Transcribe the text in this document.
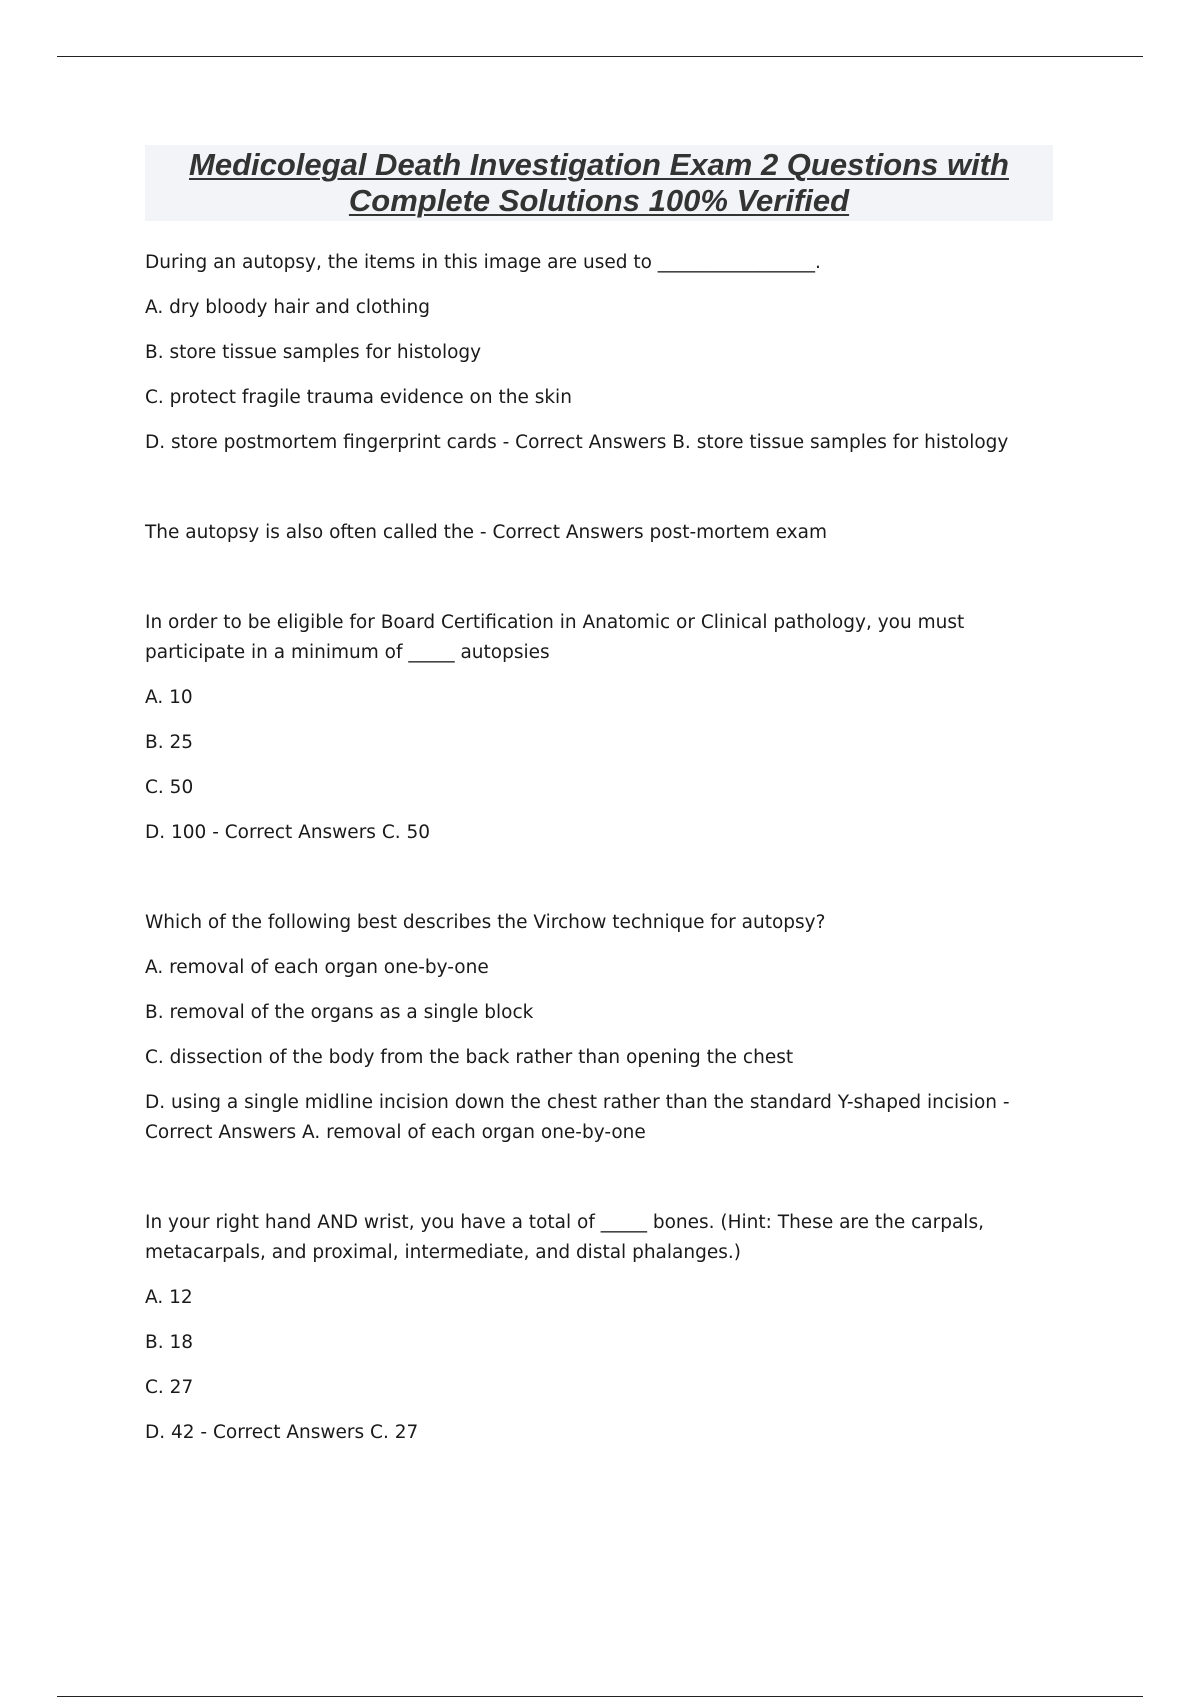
Medicolegal Death Investigation Exam 2 Questions with Complete Solutions 100% Verified

During an autopsy, the items in this image are used to _________________.

A. dry bloody hair and clothing

B. store tissue samples for histology

C. protect fragile trauma evidence on the skin

D. store postmortem fingerprint cards - Correct Answers B. store tissue samples for histology

The autopsy is also often called the - Correct Answers post-mortem exam

In order to be eligible for Board Certification in Anatomic or Clinical pathology, you must participate in a minimum of _____ autopsies

A. 10

B. 25

C. 50

D. 100 - Correct Answers C. 50

Which of the following best describes the Virchow technique for autopsy?

A. removal of each organ one-by-one

B. removal of the organs as a single block

C. dissection of the body from the back rather than opening the chest

D. using a single midline incision down the chest rather than the standard Y-shaped incision - Correct Answers A. removal of each organ one-by-one

In your right hand AND wrist, you have a total of _____ bones. (Hint: These are the carpals, metacarpals, and proximal, intermediate, and distal phalanges.)

A. 12

B. 18

C. 27

D. 42 - Correct Answers C. 27
